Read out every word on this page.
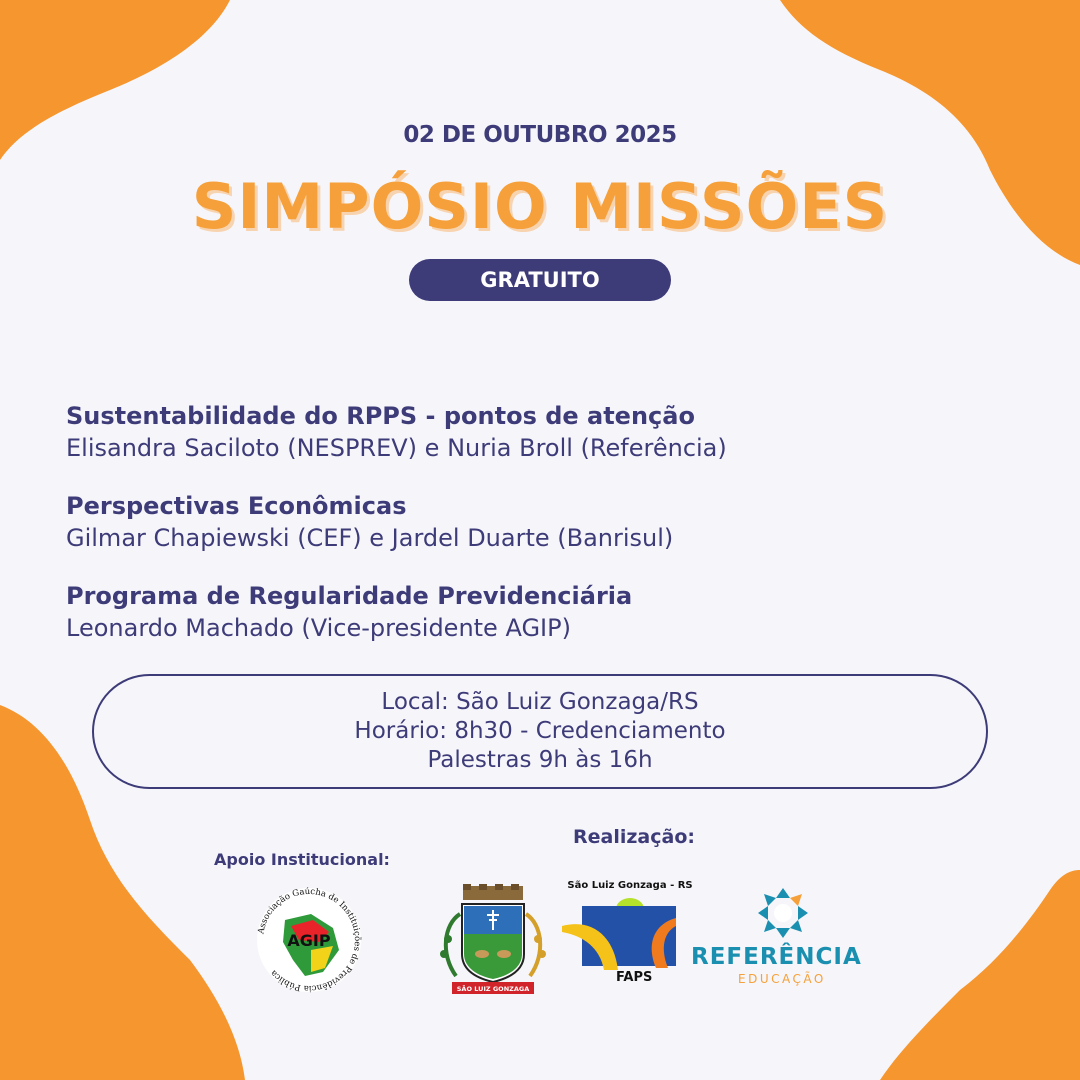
02 DE OUTUBRO 2025
SIMPÓSIO MISSÕES
GRATUITO
Sustentabilidade do RPPS - pontos de atenção
Elisandra Saciloto (NESPREV) e Nuria Broll (Referência)
Perspectivas Econômicas
Gilmar Chapiewski (CEF) e Jardel Duarte (Banrisul)
Programa de Regularidade Previdenciária
Leonardo Machado (Vice-presidente AGIP)
Local: São Luiz Gonzaga/RS
Horário: 8h30 - Credenciamento
Palestras 9h às 16h
Apoio Institucional:
Realização:
Associação Gaúcha de Instituições de Previdência Pública
AGIP
SÃO LUIZ GONZAGA
São Luiz Gonzaga - RS
FAPS
REFERÊNCIA
EDUCAÇÃO
